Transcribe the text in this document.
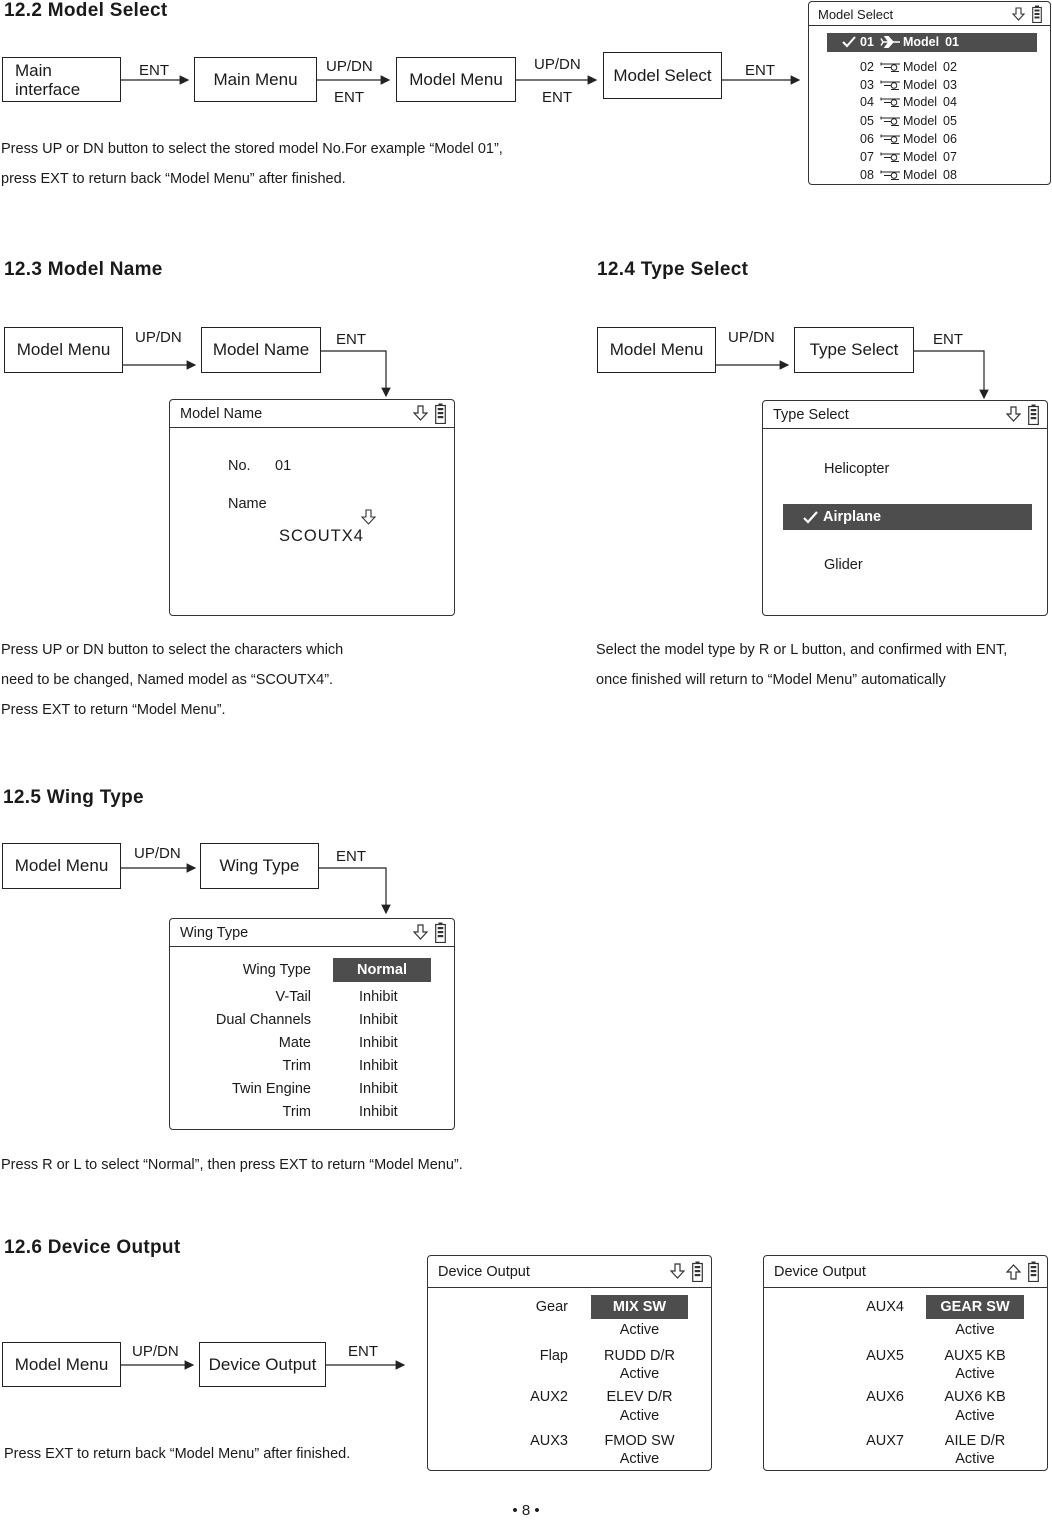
12.2 Model Select
Main
interface
ENT	Main Menu
UP/DN
ENT
Model Menu
UP/DN
ENT
Model Select	ENT
Model Select
01	Model 01
02	Model 02
03	Model 03
04	Model 04
05	Model 05
06	Model 06
07	Model 07
08	Model 08
Press UP or DN button to select the stored model No.For example “Model 01”,
press EXT to return back “Model Menu” after finished.
12.3 Model Name
Model Menu
UP/DN
Model Name
ENT
Model Name
No. 01
Name
SCOUTX4
Press UP or DN button to select the characters which
need to be changed, Named model as “SCOUTX4”.
Press EXT to return “Model Menu”.
12.4 Type Select
Model Menu
UP/DN
Type Select
ENT
Type Select
Helicopter
Airplane
Glider
Select the model type by R or L button, and confirmed with ENT,
once finished will return to “Model Menu” automatically
12.5 Wing Type
Model Menu
UP/DN
Wing Type	ENT
Wing Type
Wing Type	Normal
V-Tail	Inhibit
Dual Channels	Inhibit
Mate	Inhibit
Trim	Inhibit
Twin Engine	Inhibit
Trim	Inhibit
Press R or L to select “Normal”, then press EXT to return “Model Menu”.
12.6 Device Output
Model Menu
UP/DN
Device Output
ENT
Device Output
Gear	MIX SW
Active
Flap	RUDD D/R
Active
AUX2	ELEV D/R
Active
AUX3	FMOD SW
Active
Device Output
AUX4	GEAR SW
Active
AUX5	AUX5 KB
Active
AUX6	AUX6 KB
Active
AUX7	AILE D/R
Active
Press EXT to return back “Model Menu” after finished.
• 8 •
